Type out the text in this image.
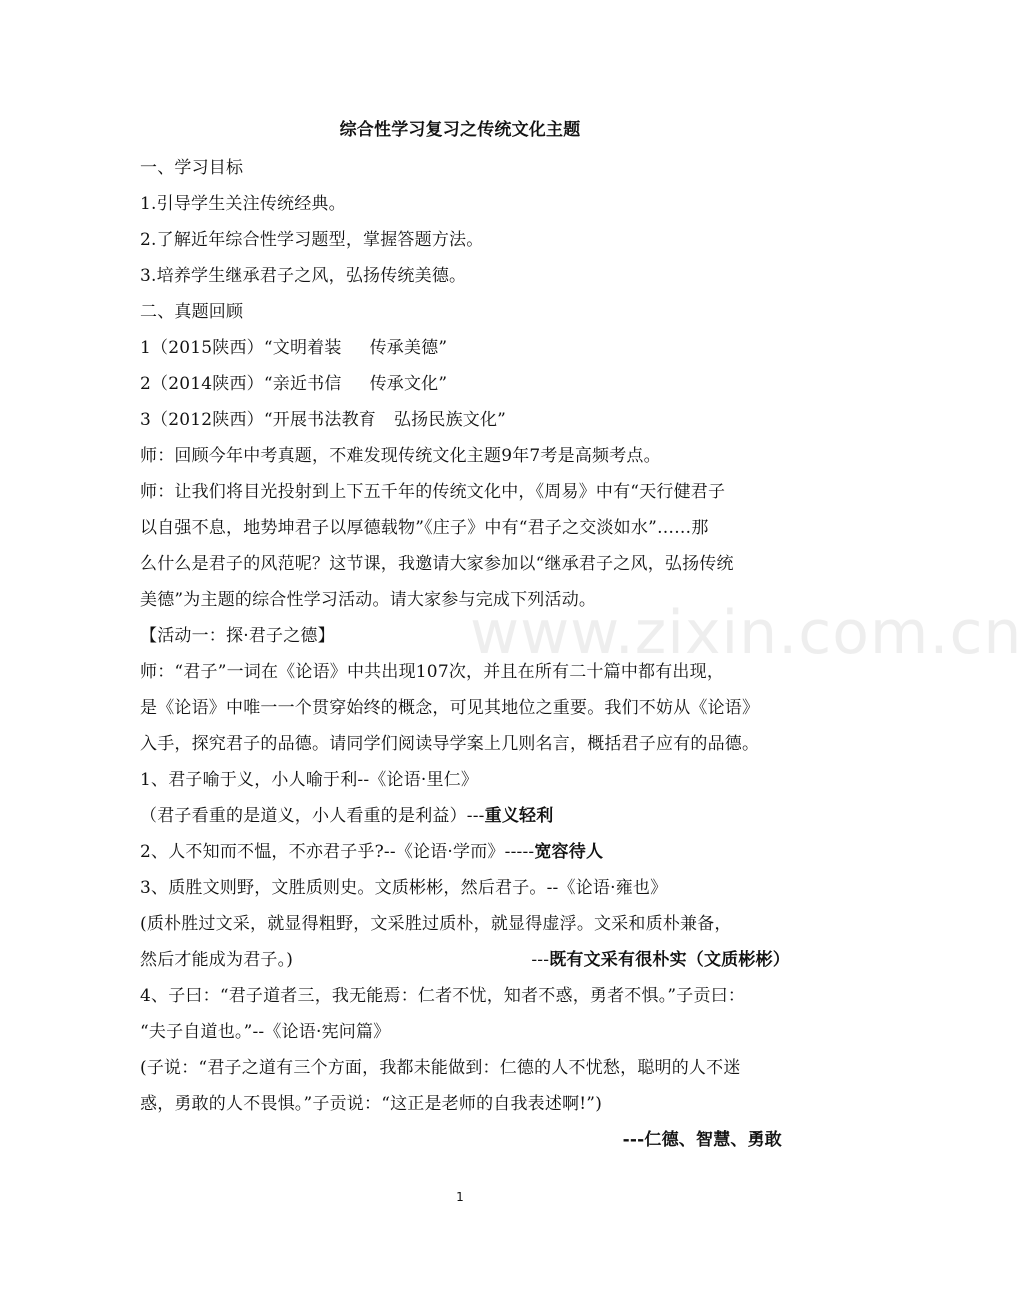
综合性学习复习之传统文化主题
一、学习目标
1.引导学生关注传统经典。
2.了解近年综合性学习题型，掌握答题方法。
3.培养学生继承君子之风，弘扬传统美德。
二、真题回顾
1（2015陕西）“文明着装 传承美德”
2（2014陕西）“亲近书信 传承文化”
3（2012陕西）“开展书法教育 弘扬民族文化”
师：回顾今年中考真题，不难发现传统文化主题9年7考是高频考点。
师：让我们将目光投射到上下五千年的传统文化中，《周易》中有“天行健君子
以自强不息，地势坤君子以厚德载物”《庄子》中有“君子之交淡如水”……那
么什么是君子的风范呢？这节课，我邀请大家参加以“继承君子之风，弘扬传统
美德”为主题的综合性学习活动。请大家参与完成下列活动。
【活动一：探·君子之德】
师：“君子”一词在《论语》中共出现107次，并且在所有二十篇中都有出现，
是《论语》中唯一一个贯穿始终的概念，可见其地位之重要。我们不妨从《论语》
入手，探究君子的品德。请同学们阅读导学案上几则名言，概括君子应有的品德。
1、君子喻于义，小人喻于利--《论语·里仁》
（君子看重的是道义，小人看重的是利益）---重义轻利
2、人不知而不愠，不亦君子乎?--《论语·学而》-----宽容待人
3、质胜文则野，文胜质则史。文质彬彬，然后君子。--《论语·雍也》
(质朴胜过文采，就显得粗野，文采胜过质朴，就显得虚浮。文采和质朴兼备，
然后才能成为君子。)	---既有文采有很朴实（文质彬彬）
4、子曰：“君子道者三，我无能焉：仁者不忧，知者不惑，勇者不惧。”子贡曰：
“夫子自道也。”--《论语·宪问篇》
(子说：“君子之道有三个方面，我都未能做到：仁德的人不忧愁，聪明的人不迷
惑，勇敢的人不畏惧。”子贡说：“这正是老师的自我表述啊!”)
---仁德、智慧、勇敢
www.zixin.com.cn
1
